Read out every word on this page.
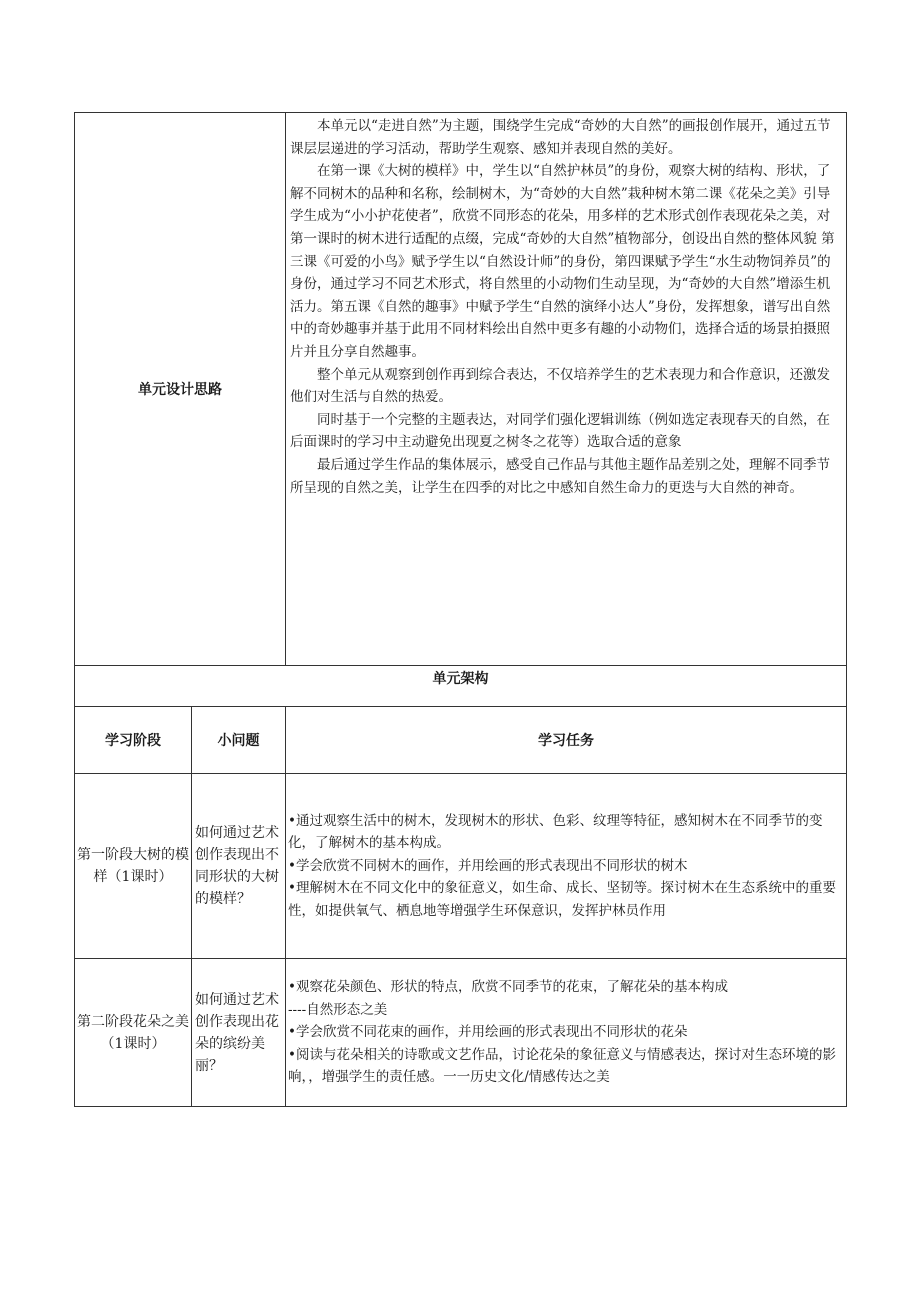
单元设计思路		本单元以“走进自然”为主题，围绕学生完成“奇妙的大自然”的画报创作展开，通过五节课层层递进的学习活动，帮助学生观察、感知并表现自然的美好。

在第一课《大树的模样》中，学生以“自然护林员”的身份，观察大树的结构、形状，了解不同树木的品种和名称，绘制树木，为“奇妙的大自然”栽种树木第二课《花朵之美》引导学生成为“小小护花使者”，欣赏不同形态的花朵，用多样的艺术形式创作表现花朵之美，对第一课时的树木进行适配的点缀，完成“奇妙的大自然”植物部分，创设出自然的整体风貌 第三课《可爱的小鸟》赋予学生以“自然设计师”的身份，第四课赋予学生“水生动物饲养员”的身份，通过学习不同艺术形式，将自然里的小动物们生动呈现，为“奇妙的大自然”增添生机活力。第五课《自然的趣事》中赋予学生“自然的演绎小达人”身份，发挥想象，谱写出自然中的奇妙趣事并基于此用不同材料绘出自然中更多有趣的小动物们，选择合适的场景拍摄照片并且分享自然趣事。

整个单元从观察到创作再到综合表达，不仅培养学生的艺术表现力和合作意识，还激发他们对生活与自然的热爱。

同时基于一个完整的主题表达，对同学们强化逻辑训练（例如选定表现春天的自然，在后面课时的学习中主动避免出现夏之树冬之花等）选取合适的意象

最后通过学生作品的集体展示，感受自己作品与其他主题作品差别之处，理解不同季节所呈现的自然之美，让学生在四季的对比之中感知自然生命力的更迭与大自然的神奇。

单元架构		
学习阶段	小问题	学习任务
第一阶段大树的模样（1课时）	如何通过艺术创作表现出不同形状的大树的模样？	•通过观察生活中的树木，发现树木的形状、色彩、纹理等特征，感知树木在不同季节的变化，了解树木的基本构成。

•学会欣赏不同树木的画作，并用绘画的形式表现出不同形状的树木

•理解树木在不同文化中的象征意义，如生命、成长、坚韧等。探讨树木在生态系统中的重要性，如提供氧气、栖息地等增强学生环保意识，发挥护林员作用

第二阶段花朵之美（1课时）	如何通过艺术创作表现出花朵的缤纷美丽？	•观察花朵颜色、形状的特点，欣赏不同季节的花束，了解花朵的基本构成

----自然形态之美

•学会欣赏不同花束的画作，并用绘画的形式表现出不同形状的花朵

•阅读与花朵相关的诗歌或文艺作品，讨论花朵的象征意义与情感表达，探讨对生态环境的影响，，增强学生的责任感。一一历史文化/情感传达之美
